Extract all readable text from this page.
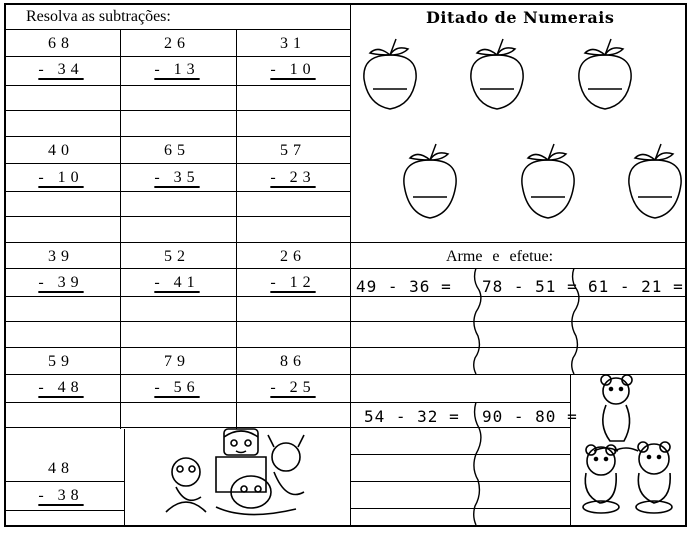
Resolva as subtrações:
68
- 34
26
- 13
31
- 10
40
- 10
65
- 35
57
- 23
39
- 39
52
- 41
26
- 12
59
- 48
79
- 56
86
- 25
48
- 38
Ditado de Numerais
Arme e efetue:
49 - 36 = 78 - 51 = 61 - 21 =
54 - 32 = 90 - 80 =
